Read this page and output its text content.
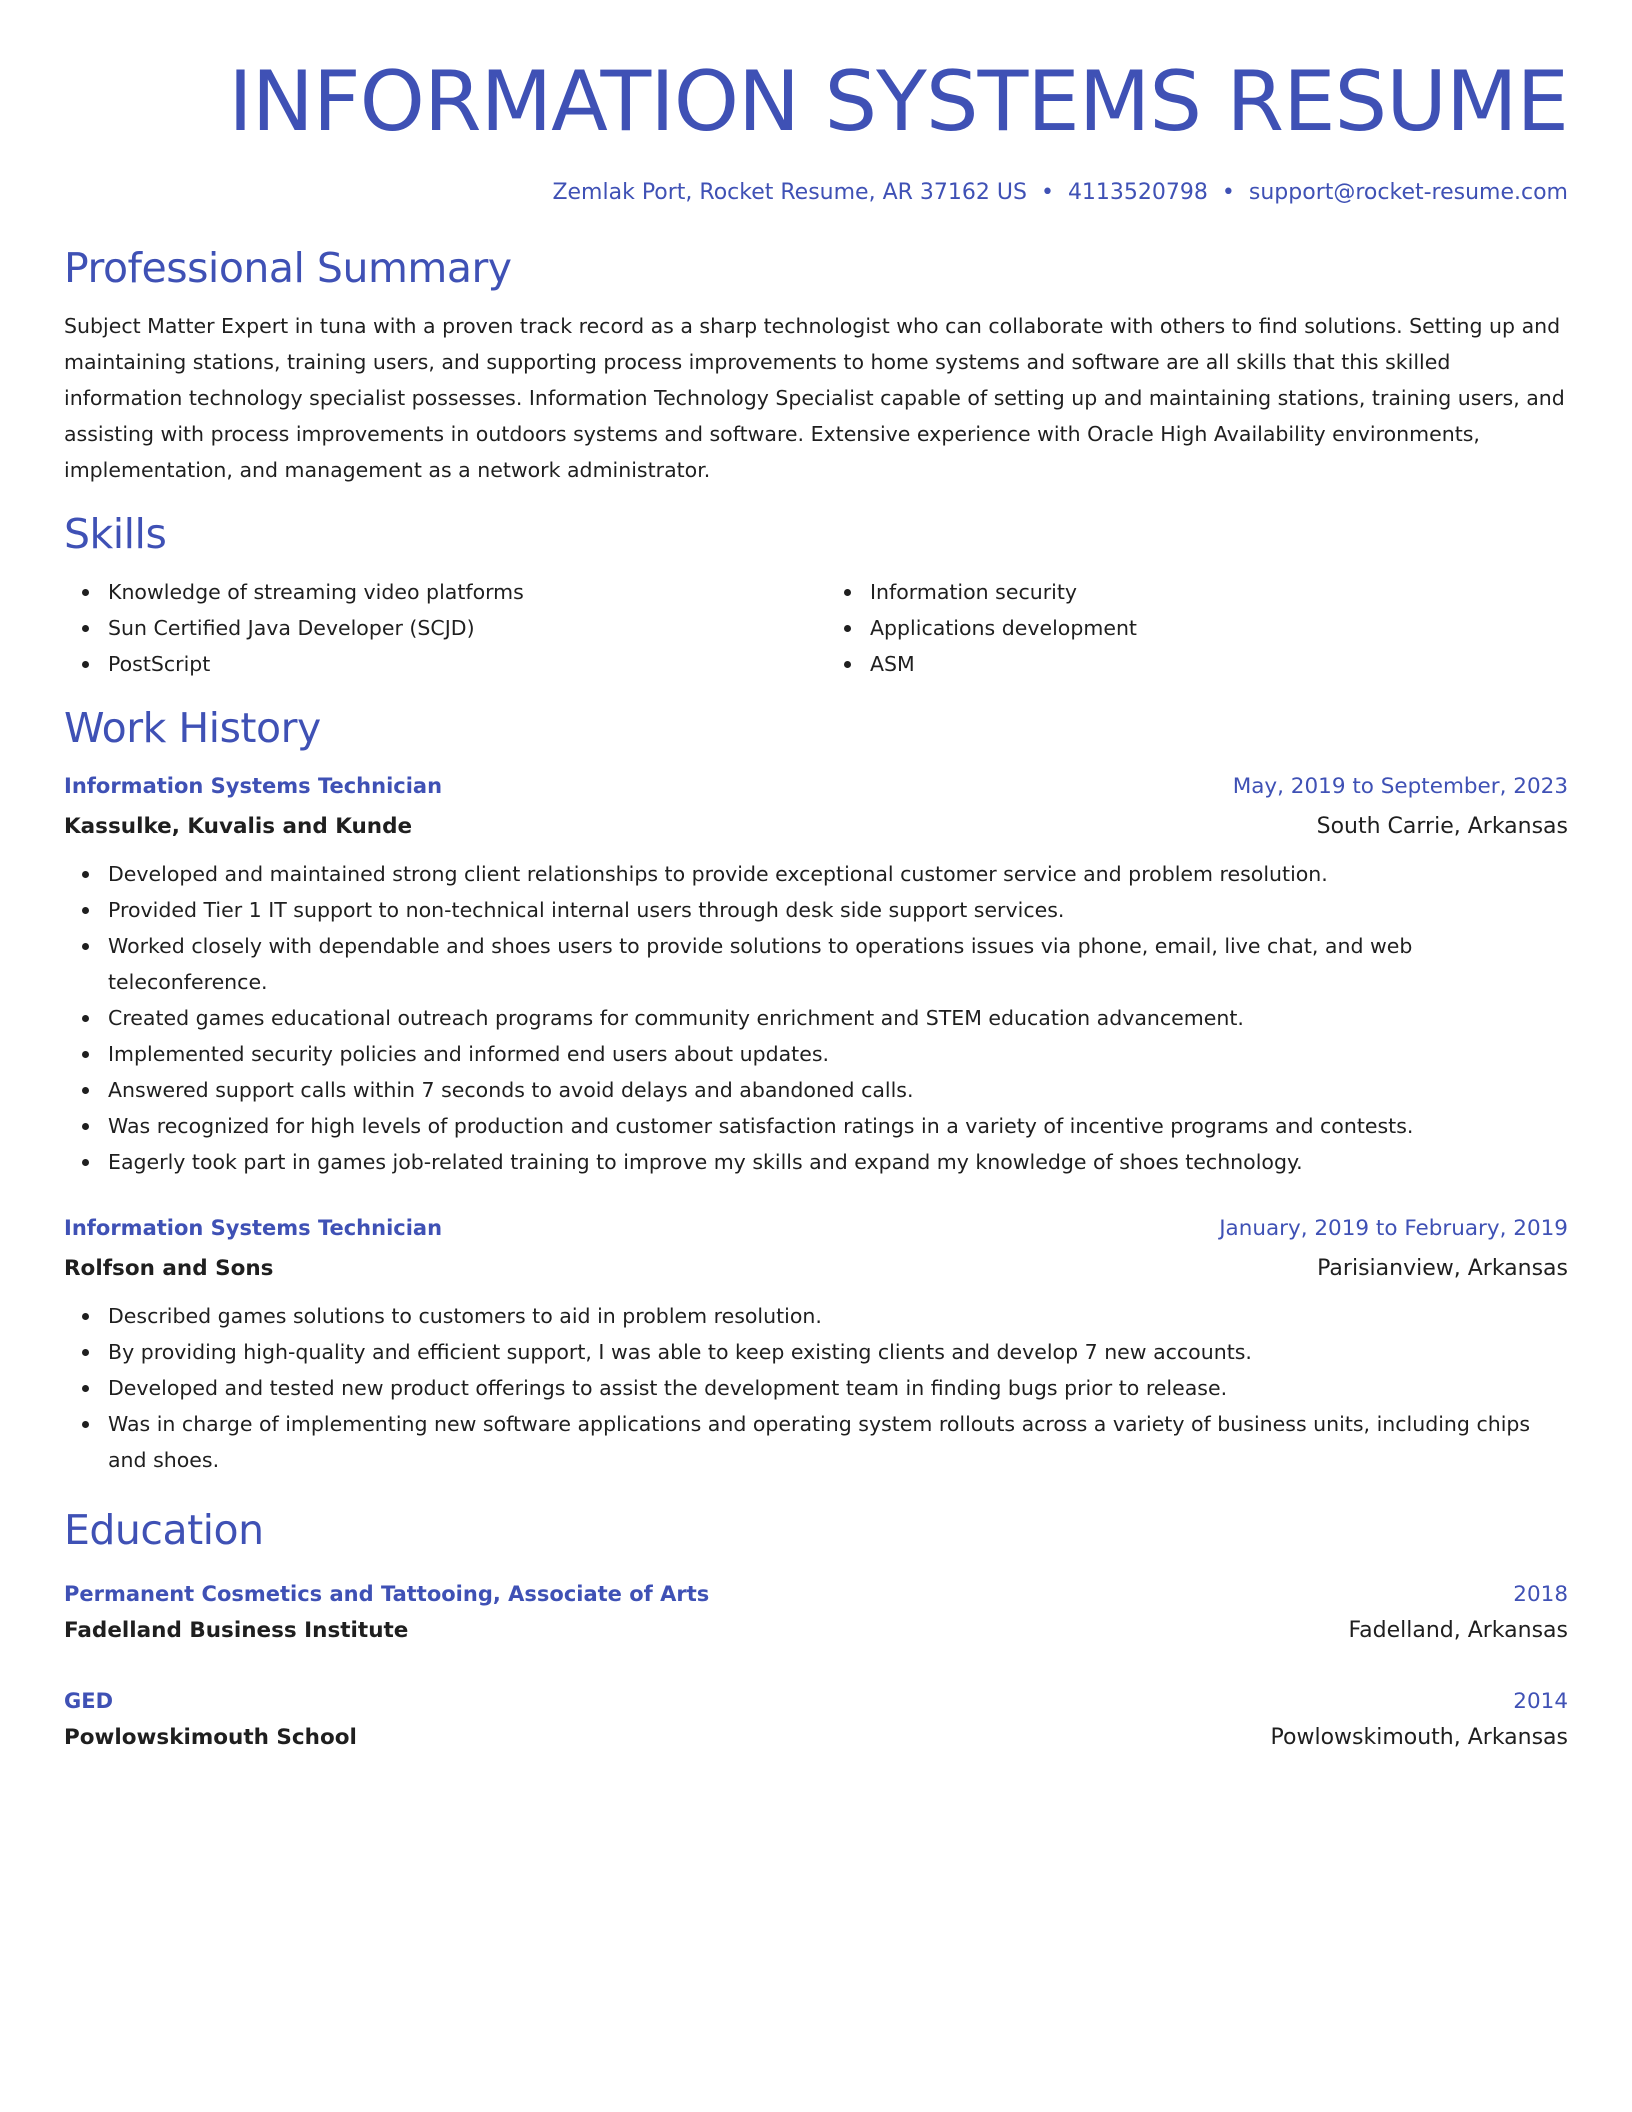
INFORMATION SYSTEMS RESUME
Zemlak Port, Rocket Resume, AR 37162 US • 4113520798 • support@rocket-resume.com
Professional Summary

Subject Matter Expert in tuna with a proven track record as a sharp technologist who can collaborate with others to find solutions. Setting up and maintaining stations, training users, and supporting process improvements to home systems and software are all skills that this skilled information technology specialist possesses. Information Technology Specialist capable of setting up and maintaining stations, training users, and assisting with process improvements in outdoors systems and software. Extensive experience with Oracle High Availability environments, implementation, and management as a network administrator.

Skills
Knowledge of streaming video platforms
Sun Certified Java Developer (SCJD)
PostScript
Information security
Applications development
ASM
Work History
Information Systems Technician	May, 2019 to September, 2023
Kassulke, Kuvalis and Kunde	South Carrie, Arkansas
Developed and maintained strong client relationships to provide exceptional customer service and problem resolution.
Provided Tier 1 IT support to non-technical internal users through desk side support services.
Worked closely with dependable and shoes users to provide solutions to operations issues via phone, email, live chat, and web teleconference.
Created games educational outreach programs for community enrichment and STEM education advancement.
Implemented security policies and informed end users about updates.
Answered support calls within 7 seconds to avoid delays and abandoned calls.
Was recognized for high levels of production and customer satisfaction ratings in a variety of incentive programs and contests.
Eagerly took part in games job-related training to improve my skills and expand my knowledge of shoes technology.
Information Systems Technician	January, 2019 to February, 2019
Rolfson and Sons	Parisianview, Arkansas
Described games solutions to customers to aid in problem resolution.
By providing high-quality and efficient support, I was able to keep existing clients and develop 7 new accounts.
Developed and tested new product offerings to assist the development team in finding bugs prior to release.
Was in charge of implementing new software applications and operating system rollouts across a variety of business units, including chips and shoes.
Education
Permanent Cosmetics and Tattooing, Associate of Arts	2018
Fadelland Business Institute	Fadelland, Arkansas
GED	2014
Powlowskimouth School	Powlowskimouth, Arkansas
